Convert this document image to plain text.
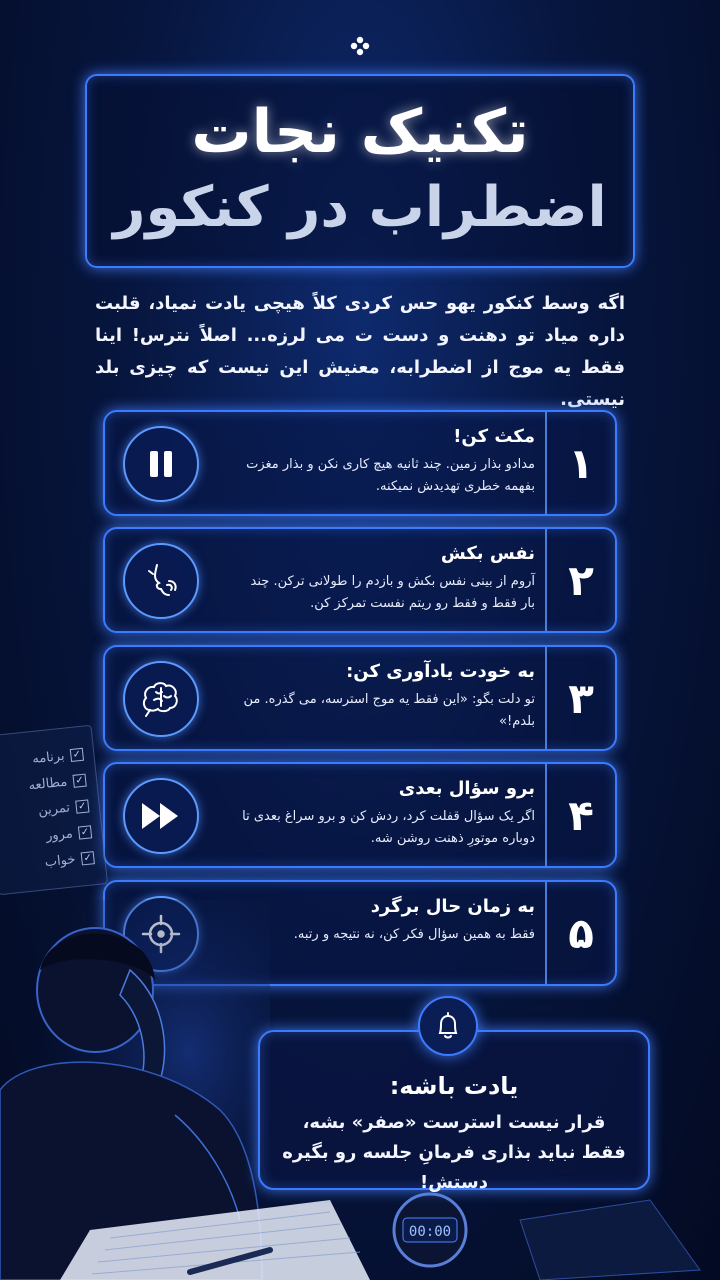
تکنیک نجات
اضطراب در کنکور

اگه وسط کنکور یهو حس کردی کلاً هیچی یادت نمیاد، قلبت داره میاد تو دهنت و دست ت می لرزه... اصلاً نترس! اینا فقط یه موج از اضطرابه، معنیش این نیست که چیزی بلد نیستی.

۱
مکث کن!
مدادو بذار زمین. چند ثانیه هیچ کاری نکن و بذار مغزت بفهمه خطری تهدیدش نمیکنه.
۲
نفس بکش
آروم از بینی نفس بکش و بازدم را طولانی ترکن. چند بار فقط و فقط رو ریتم نفست تمرکز کن.
۳
به خودت یادآوری کن:
تو دلت بگو: «این فقط یه موج استرسه، می گذره. من بلدم!»
۴
برو سؤال بعدی
اگر یک سؤال قفلت کرد، ردش کن و برو سراغ بعدی تا دوباره موتورِ ذهنت روشن شه.
۵
به زمان حال برگرد
فقط به همین سؤال فکر کن، نه نتیجه و رتبه.
✓
برنامه
✓
مطالعه
✓
تمرین
✓
مرور
✓
خواب
00:00
یادت باشه:
قرار نیست استرست «صفر» بشه، فقط نباید بذاری فرمانِ جلسه رو بگیره دستش!
